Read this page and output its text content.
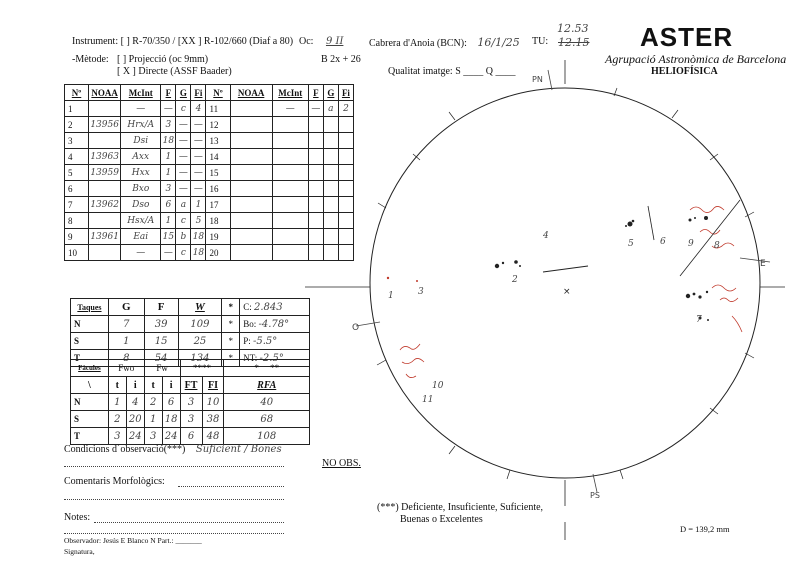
Instrument: [ ] R-70/350 / [XX ] R-102/660 (Diaf a 80) Oc: 9 II	Cabrera d'Anoia (BCN): 16/1/25 TU:
12.53
12.15
-Mètode: [ ] Projecció (oc 9mm)
[ X ] Directe (ASSF Baader)
B 2x + 26
Qualitat imatge: S ____ Q ____
ASTER
Agrupació Astronòmica de Barcelona
HELIOFÍSICA
Nº	NOAA	McInt	F	G	Fi	Nº	NOAA	McInt	F	G	Fi
1		—	—	c	4	11		—	—	a	2
2	13956	Hrx/A	3	—	—	12					
3		Dsi	18	—	—	13					
4	13963	Axx	1	—	—	14					
5	13959	Hxx	1	—	—	15					
6		Bxo	3	—	—	16					
7	13962	Dso	6	a	1	17					
8		Hsx/A	1	c	5	18					
9	13961	Eai	15	b	18	19					
10		—	—	c	18	20					
Taques	G	F	W	*	C: 2.843
N	7	39	109	*	Bo: -4.78°
S	1	15	25	*	P: -5.5°
T	8	54	134	*	NT: -2.5°
Fàcules	Fwo		Fw		****		* **
\	t	i	t	i	FT	FI	RFA
N	1	4	2	6	3	10	40
S	2	20	1	18	3	38	68
T	3	24	3	24	6	48	108
Condicions d´observació(***) Suficient / Bones
NO OBS.
Comentaris Morfològics:
Notes:
Observador: Jesús E Blanco N Part.: _______
Signatura,
(***) Deficiente, Insuficiente, Suficiente,
Buenas o Excelentes
D = 139,2 mm
PN
PS
E
O
×
1
2
3
4
5	6
7
8
9
10
11
